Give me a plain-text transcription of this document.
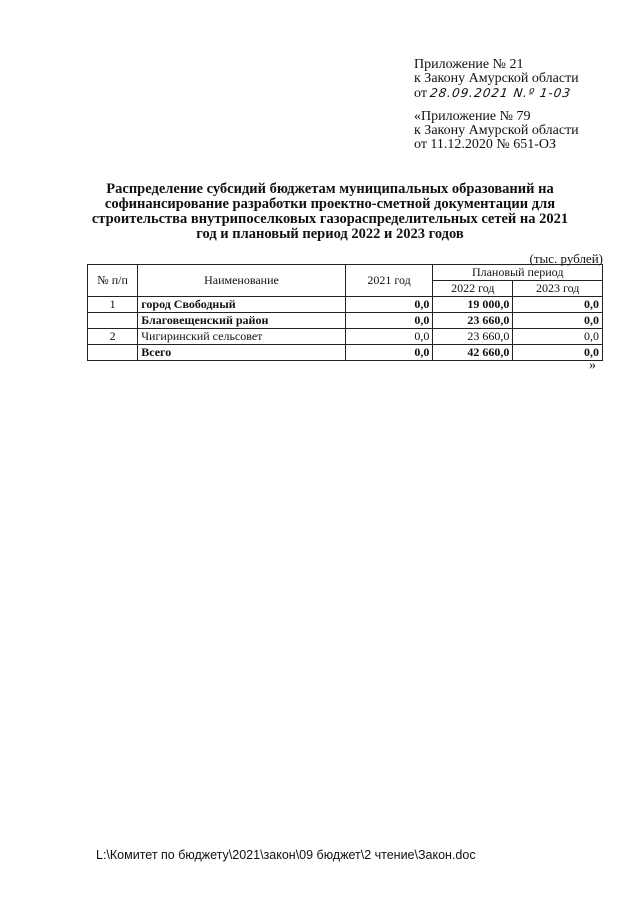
Приложение № 21
к Закону Амурской области
от 28.09.2021 N.º 1-03
«Приложение № 79
к Закону Амурской области
от 11.12.2020 № 651-ОЗ
Распределение субсидий бюджетам муниципальных образований на софинансирование разработки проектно-сметной документации для строительства внутрипоселковых газораспределительных сетей на 2021 год и плановый период 2022 и 2023 годов
(тыс. рублей)
№ п/п	Наименование	2021 год	Плановый период	
			2022 год	2023 год
1	город Свободный	0,0	19 000,0	0,0
	Благовещенский район	0,0	23 660,0	0,0
2	Чигиринский сельсовет	0,0	23 660,0	0,0
	Всего	0,0	42 660,0	0,0
»
L:\Комитет по бюджету\2021\закон\09 бюджет\2 чтение\Закон.doc
